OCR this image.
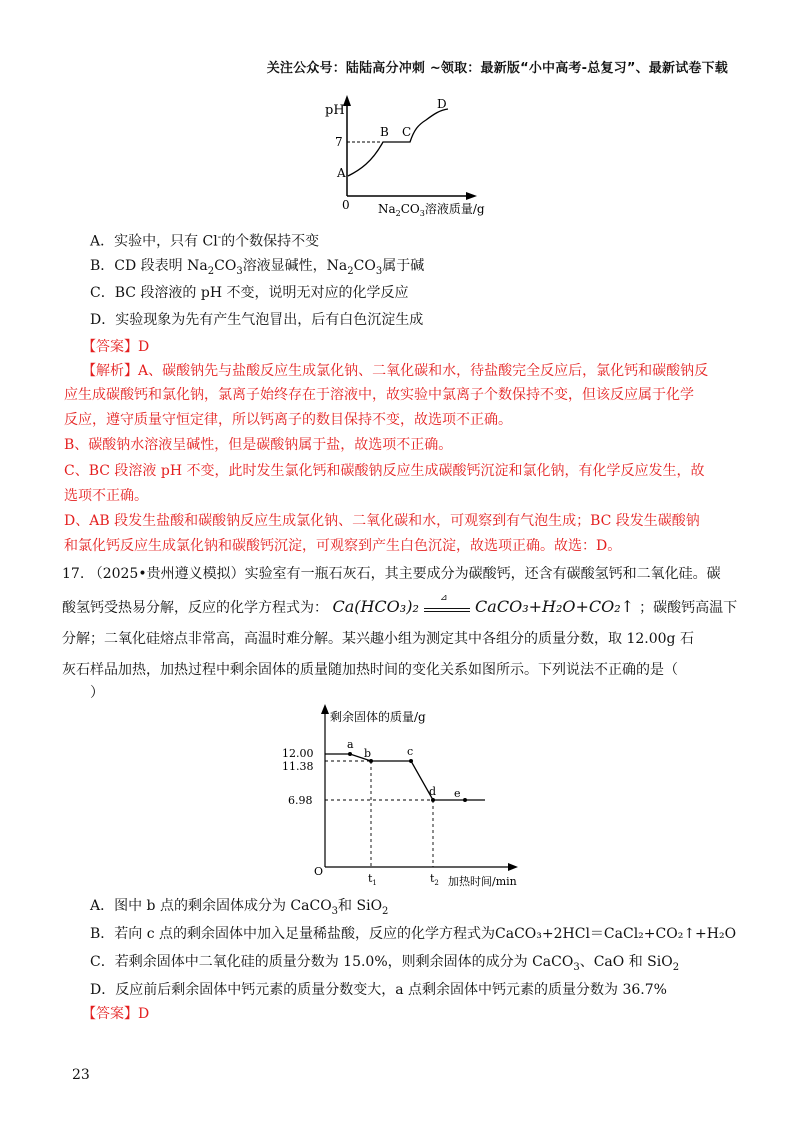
关注公众号：陆陆高分冲刺 ~领取：最新版“小中高考-总复习”、最新试卷下载
pH
7
A
B C
D
0 $Na_2CO_3$溶液质量/g
A．实验中，只有 Cl-的个数保持不变
B．CD 段表明 $Na_2CO_3$溶液显碱性，$Na_2CO_3$属于碱
C．BC 段溶液的 pH 不变，说明无对应的化学反应
D．实验现象为先有产生气泡冒出，后有白色沉淀生成
【答案】D
【解析】A、碳酸钠先与盐酸反应生成氯化钠、二氧化碳和水，待盐酸完全反应后，氯化钙和碳酸钠反
应生成碳酸钙和氯化钠，氯离子始终存在于溶液中，故实验中氯离子个数保持不变，但该反应属于化学
反应，遵守质量守恒定律，所以钙离子的数目保持不变，故选项不正确。
B、碳酸钠水溶液呈碱性，但是碳酸钠属于盐，故选项不正确。
C、BC 段溶液 pH 不变，此时发生氯化钙和碳酸钠反应生成碳酸钙沉淀和氯化钠，有化学反应发生，故
选项不正确。
D、AB 段发生盐酸和碳酸钠反应生成氯化钠、二氧化碳和水，可观察到有气泡生成；BC 段发生碳酸钠
和氯化钙反应生成氯化钠和碳酸钙沉淀，可观察到产生白色沉淀，故选项正确。故选：D。
17. （2025•贵州遵义模拟）实验室有一瓶石灰石，其主要成分为碳酸钙，还含有碳酸氢钙和二氧化硅。碳
酸氢钙受热易分解，反应的化学方程式为： Ca(HCO₃)₂ ⊿ CaCO₃+H₂O+CO₂↑ ；碳酸钙高温下
分解；二氧化硅熔点非常高，高温时难分解。某兴趣小组为测定其中各组分的质量分数，取 12.00g 石
灰石样品加热，加热过程中剩余固体的质量随加热时间的变化关系如图所示。下列说法不正确的是（
）
剩余固体的质量/g
a
b	c
d e
12.00
11.38
6.98
O
$t_1$	$t_2$ 加热时间/min
A．图中 b 点的剩余固体成分为 CaCO$_3$和 SiO$_2$
B．若向 c 点的剩余固体中加入足量稀盐酸，反应的化学方程式为CaCO₃+2HCl＝CaCl₂+CO₂↑+H₂O
C．若剩余固体中二氧化硅的质量分数为 15.0%，则剩余固体的成分为 CaCO$_3$、CaO 和 SiO$_2$
D．反应前后剩余固体中钙元素的质量分数变大，a 点剩余固体中钙元素的质量分数为 36.7%
【答案】D
23
